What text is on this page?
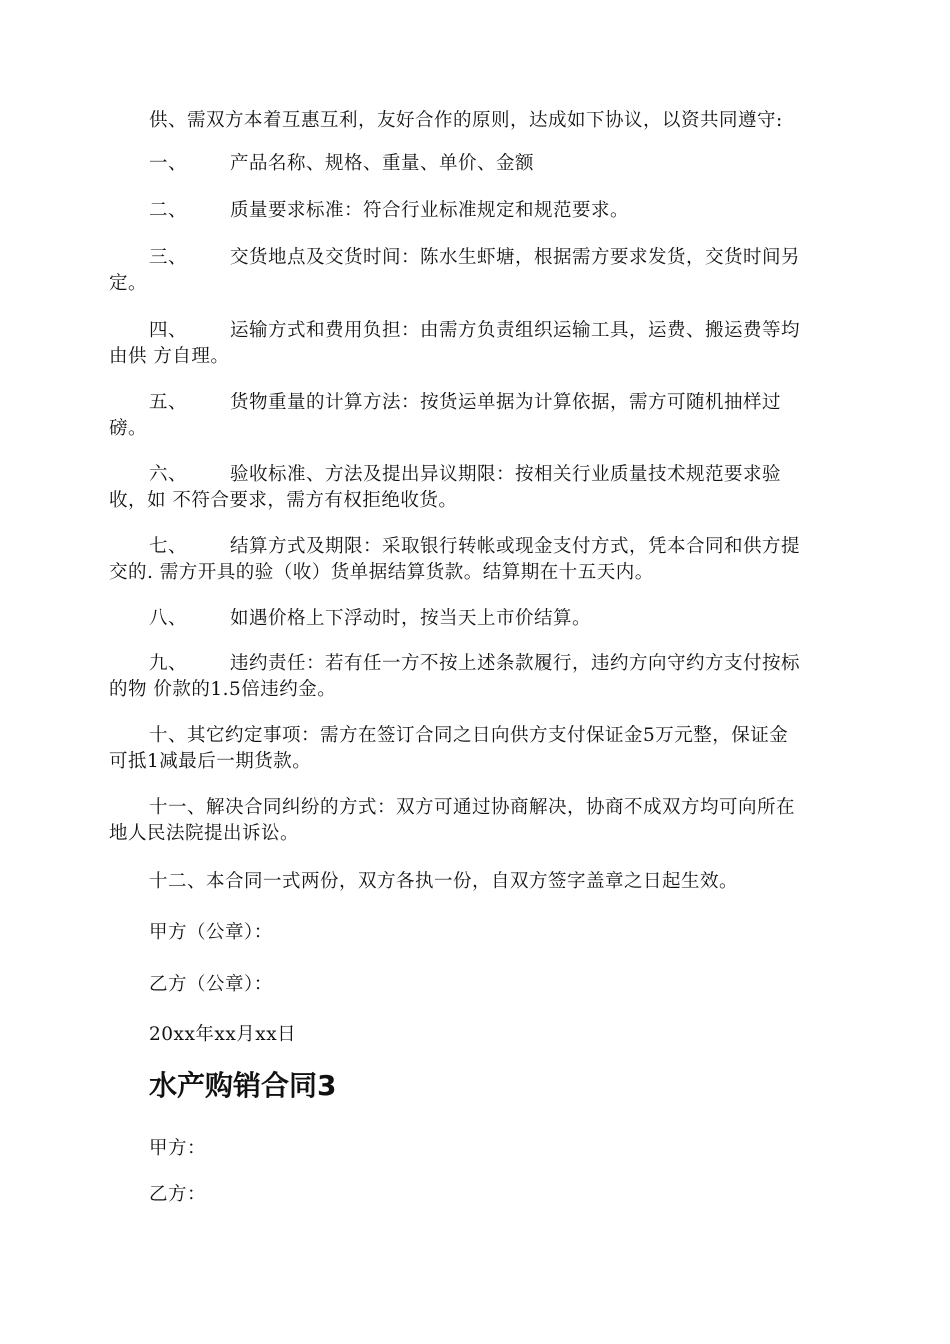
供、需双方本着互惠互利，友好合作的原则，达成如下协议，以资共同遵守:
一、 产品名称、规格、重量、单价、金额
二、 质量要求标准：符合行业标准规定和规范要求。
三、 交货地点及交货时间：陈水生虾塘，根据需方要求发货，交货时间另
定。
四、 运输方式和费用负担：由需方负责组织运输工具，运费、搬运费等均
由供 方自理。
五、 货物重量的计算方法：按货运单据为计算依据，需方可随机抽样过
磅。
六、 验收标准、方法及提出异议期限：按相关行业质量技术规范要求验
收，如 不符合要求，需方有权拒绝收货。
七、 结算方式及期限：采取银行转帐或现金支付方式，凭本合同和供方提
交的. 需方开具的验（收）货单据结算货款。结算期在十五天内。
八、 如遇价格上下浮动时，按当天上市价结算。
九、 违约责任：若有任一方不按上述条款履行，违约方向守约方支付按标
的物 价款的1.5倍违约金。
十、其它约定事项：需方在签订合同之日向供方支付保证金5万元整，保证金
可抵1减最后一期货款。
十一、解决合同纠纷的方式：双方可通过协商解决，协商不成双方均可向所在
地人民法院提出诉讼。
十二、本合同一式两份，双方各执一份，自双方签字盖章之日起生效。
甲方（公章）：
乙方（公章）：
20xx年xx月xx日
水产购销合同3
甲方：
乙方：
